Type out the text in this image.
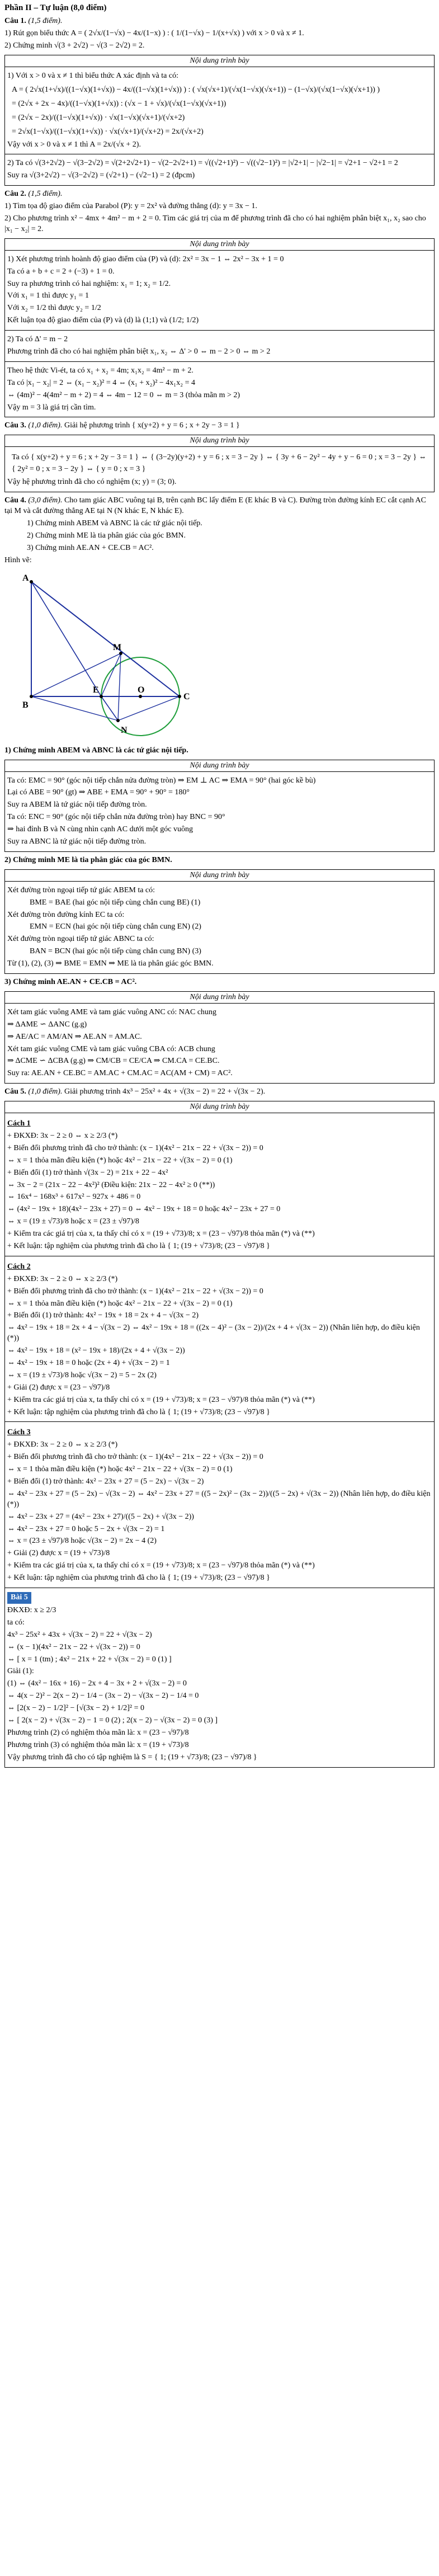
Phần II – Tự luận (8,0 điểm)

Câu 1. (1,5 điểm).

1) Rút gọn biểu thức A = ( 2√x/(1−√x) − 4x/(1−x) ) : ( 1/(1−√x) − 1/(x+√x) ) với x > 0 và x ≠ 1.

2) Chứng minh √(3 + 2√2) − √(3 − 2√2) = 2.

Nội dung trình bày

1) Với x > 0 và x ≠ 1 thì biểu thức A xác định và ta có:

A = ( 2√x(1+√x)/((1−√x)(1+√x)) − 4x/((1−√x)(1+√x)) ) : ( √x(√x+1)/(√x(1−√x)(√x+1)) − (1−√x)/(√x(1−√x)(√x+1)) )
= (2√x + 2x − 4x)/((1−√x)(1+√x)) : (√x − 1 + √x)/(√x(1−√x)(√x+1))
= (2√x − 2x)/((1−√x)(1+√x)) · √x(1−√x)(√x+1)/(√x+2)
= 2√x(1−√x)/((1−√x)(1+√x)) · √x(√x+1)/(√x+2) = 2x/(√x+2)

Vậy với x > 0 và x ≠ 1 thì A = 2x/(√x + 2).

2) Ta có √(3+2√2) − √(3−2√2) = √(2+2√2+1) − √(2−2√2+1) = √((√2+1)²) − √((√2−1)²) = |√2+1| − |√2−1| = √2+1 − √2+1 = 2

Suy ra √(3+2√2) − √(3−2√2) = (√2+1) − (√2−1) = 2 (đpcm)

Câu 2. (1,5 điểm).

1) Tìm tọa độ giao điểm của Parabol (P): y = 2x² và đường thẳng (d): y = 3x − 1.

2) Cho phương trình x² − 4mx + 4m² − m + 2 = 0. Tìm các giá trị của m để phương trình đã cho có hai nghiệm phân biệt x₁, x₂ sao cho |x₁ − x₂| = 2.

Nội dung trình bày

1) Xét phương trình hoành độ giao điểm của (P) và (d): 2x² = 3x − 1 ⇔ 2x² − 3x + 1 = 0

Ta có a + b + c = 2 + (−3) + 1 = 0.

Suy ra phương trình có hai nghiệm: x₁ = 1; x₂ = 1/2.

Với x₁ = 1 thì được y₁ = 1

Với x₂ = 1/2 thì được y₂ = 1/2

Kết luận tọa độ giao điểm của (P) và (d) là (1;1) và (1/2; 1/2)

2) Ta có Δ' = m − 2

Phương trình đã cho có hai nghiệm phân biệt x₁, x₂ ⇔ Δ' > 0 ⇔ m − 2 > 0 ⇔ m > 2

Theo hệ thức Vi-ét, ta có x₁ + x₂ = 4m; x₁x₂ = 4m² − m + 2.

Ta có |x₁ − x₂| = 2 ⇔ (x₁ − x₂)² = 4 ⇔ (x₁ + x₂)² − 4x₁x₂ = 4

⇔ (4m)² − 4(4m² − m + 2) = 4 ⇔ 4m − 12 = 0 ⇔ m = 3 (thỏa mãn m > 2)

Vậy m = 3 là giá trị cần tìm.

Câu 3. (1,0 điểm). Giải hệ phương trình { x(y+2) + y = 6 ; x + 2y − 3 = 1 }

Nội dung trình bày
Ta có { x(y+2) + y = 6 ; x + 2y − 3 = 1 } ⇔ { (3−2y)(y+2) + y = 6 ; x = 3 − 2y } ⇔ { 3y + 6 − 2y² − 4y + y − 6 = 0 ; x = 3 − 2y } ⇔ { 2y² = 0 ; x = 3 − 2y } ⇔ { y = 0 ; x = 3 }

Vậy hệ phương trình đã cho có nghiệm (x; y) = (3; 0).

Câu 4. (3,0 điểm). Cho tam giác ABC vuông tại B, trên cạnh BC lấy điểm E (E khác B và C). Đường tròn đường kính EC cắt cạnh AC tại M và cắt đường thẳng AE tại N (N khác E, N khác E).

1) Chứng minh ABEM và ABNC là các tứ giác nội tiếp.

2) Chứng minh ME là tia phân giác của góc BMN.

3) Chứng minh AE.AN + CE.CB = AC².

Hình vẽ:

A
M
N
B
E	O
C

1) Chứng minh ABEM và ABNC là các tứ giác nội tiếp.

Nội dung trình bày

Ta có: EMC = 90° (góc nội tiếp chắn nửa đường tròn) ⇒ EM ⊥ AC ⇒ EMA = 90° (hai góc kề bù)

Lại có ABE = 90° (gt) ⇒ ABE + EMA = 90° + 90° = 180°

Suy ra ABEM là tứ giác nội tiếp đường tròn.

Ta có: ENC = 90° (góc nội tiếp chắn nửa đường tròn) hay BNC = 90°

⇒ hai đỉnh B và N cùng nhìn cạnh AC dưới một góc vuông

Suy ra ABNC là tứ giác nội tiếp đường tròn.

2) Chứng minh ME là tia phân giác của góc BMN.

Nội dung trình bày

Xét đường tròn ngoại tiếp tứ giác ABEM ta có:

BME = BAE (hai góc nội tiếp cùng chắn cung BE) (1)

Xét đường tròn đường kính EC ta có:

EMN = ECN (hai góc nội tiếp cùng chắn cung EN) (2)

Xét đường tròn ngoại tiếp tứ giác ABNC ta có:

BAN = BCN (hai góc nội tiếp cùng chắn cung BN) (3)

Từ (1), (2), (3) ⇒ BME = EMN ⇒ ME là tia phân giác góc BMN.

3) Chứng minh AE.AN + CE.CB = AC².

Nội dung trình bày

Xét tam giác vuông AME và tam giác vuông ANC có: NAC chung

⇒ ΔAME ∽ ΔANC (g.g)

⇒ AE/AC = AM/AN ⇒ AE.AN = AM.AC.

Xét tam giác vuông CME và tam giác vuông CBA có: ACB chung

⇒ ΔCME ∽ ΔCBA (g.g) ⇒ CM/CB = CE/CA ⇒ CM.CA = CE.BC.

Suy ra: AE.AN + CE.BC = AM.AC + CM.AC = AC(AM + CM) = AC².

Câu 5. (1,0 điểm). Giải phương trình 4x³ − 25x² + 4x + √(3x − 2) = 22 + √(3x − 2).

Nội dung trình bày

Cách 1

+ ĐKXĐ: 3x − 2 ≥ 0 ⇔ x ≥ 2/3 (*)

+ Biến đổi phương trình đã cho trở thành: (x − 1)(4x² − 21x − 22 + √(3x − 2)) = 0

⇔ x = 1 thỏa mãn điều kiện (*) hoặc 4x² − 21x − 22 + √(3x − 2) = 0 (1)

+ Biến đổi (1) trở thành √(3x − 2) = 21x + 22 − 4x²

⇔ 3x − 2 = (21x − 22 − 4x²)² (Điều kiện: 21x − 22 − 4x² ≥ 0 (**))

⇔ 16x⁴ − 168x³ + 617x² − 927x + 486 = 0

⇔ (4x² − 19x + 18)(4x² − 23x + 27) = 0 ⇔ 4x² − 19x + 18 = 0 hoặc 4x² − 23x + 27 = 0

⇔ x = (19 ± √73)/8 hoặc x = (23 ± √97)/8

+ Kiểm tra các giá trị của x, ta thấy chỉ có x = (19 + √73)/8; x = (23 − √97)/8 thỏa mãn (*) và (**)

+ Kết luận: tập nghiệm của phương trình đã cho là { 1; (19 + √73)/8; (23 − √97)/8 }

Cách 2

+ ĐKXĐ: 3x − 2 ≥ 0 ⇔ x ≥ 2/3 (*)

+ Biến đổi phương trình đã cho trở thành: (x − 1)(4x² − 21x − 22 + √(3x − 2)) = 0

⇔ x = 1 thỏa mãn điều kiện (*) hoặc 4x² − 21x − 22 + √(3x − 2) = 0 (1)

+ Biến đổi (1) trở thành: 4x² − 19x + 18 = 2x + 4 − √(3x − 2)

⇔ 4x² − 19x + 18 = 2x + 4 − √(3x − 2) ⇔ 4x² − 19x + 18 = ((2x − 4)² − (3x − 2))/(2x + 4 + √(3x − 2)) (Nhân liên hợp, do điều kiện (*))

⇔ 4x² − 19x + 18 = (x² − 19x + 18)/(2x + 4 + √(3x − 2))

⇔ 4x² − 19x + 18 = 0 hoặc (2x + 4) + √(3x − 2) = 1

⇔ x = (19 ± √73)/8 hoặc √(3x − 2) = 5 − 2x (2)

+ Giải (2) được x = (23 − √97)/8

+ Kiểm tra các giá trị của x, ta thấy chỉ có x = (19 + √73)/8; x = (23 − √97)/8 thỏa mãn (*) và (**)

+ Kết luận: tập nghiệm của phương trình đã cho là { 1; (19 + √73)/8; (23 − √97)/8 }

Cách 3

+ ĐKXĐ: 3x − 2 ≥ 0 ⇔ x ≥ 2/3 (*)

+ Biến đổi phương trình đã cho trở thành: (x − 1)(4x² − 21x − 22 + √(3x − 2)) = 0

⇔ x = 1 thỏa mãn điều kiện (*) hoặc 4x² − 21x − 22 + √(3x − 2) = 0 (1)

+ Biến đổi (1) trở thành: 4x² − 23x + 27 = (5 − 2x) − √(3x − 2)

⇔ 4x² − 23x + 27 = (5 − 2x) − √(3x − 2) ⇔ 4x² − 23x + 27 = ((5 − 2x)² − (3x − 2))/((5 − 2x) + √(3x − 2)) (Nhân liên hợp, do điều kiện (*))

⇔ 4x² − 23x + 27 = (4x² − 23x + 27)/((5 − 2x) + √(3x − 2))

⇔ 4x² − 23x + 27 = 0 hoặc 5 − 2x + √(3x − 2) = 1

⇔ x = (23 ± √97)/8 hoặc √(3x − 2) = 2x − 4 (2)

+ Giải (2) được x = (19 + √73)/8

+ Kiểm tra các giá trị của x, ta thấy chỉ có x = (19 + √73)/8; x = (23 − √97)/8 thỏa mãn (*) và (**)

+ Kết luận: tập nghiệm của phương trình đã cho là { 1; (19 + √73)/8; (23 − √97)/8 }

Bài 5

ĐKXĐ: x ≥ 2/3

ta có:

4x³ − 25x² + 43x + √(3x − 2) = 22 + √(3x − 2)

⇔ (x − 1)(4x² − 21x − 22 + √(3x − 2)) = 0

⇔ [ x = 1 (tm) ; 4x² − 21x + 22 + √(3x − 2) = 0 (1) ]

Giải (1):

(1) ⇔ (4x² − 16x + 16) − 2x + 4 − 3x + 2 + √(3x − 2) = 0

⇔ 4(x − 2)² − 2(x − 2) − 1/4 − (3x − 2) − √(3x − 2) − 1/4 = 0

⇔ [2(x − 2) − 1/2]² − [√(3x − 2) + 1/2]² = 0

⇔ [ 2(x − 2) + √(3x − 2) − 1 = 0 (2) ; 2(x − 2) − √(3x − 2) = 0 (3) ]

Phương trình (2) có nghiệm thỏa mãn là: x = (23 − √97)/8

Phương trình (3) có nghiệm thỏa mãn là: x = (19 + √73)/8

Vậy phương trình đã cho có tập nghiệm là S = { 1; (19 + √73)/8; (23 − √97)/8 }
